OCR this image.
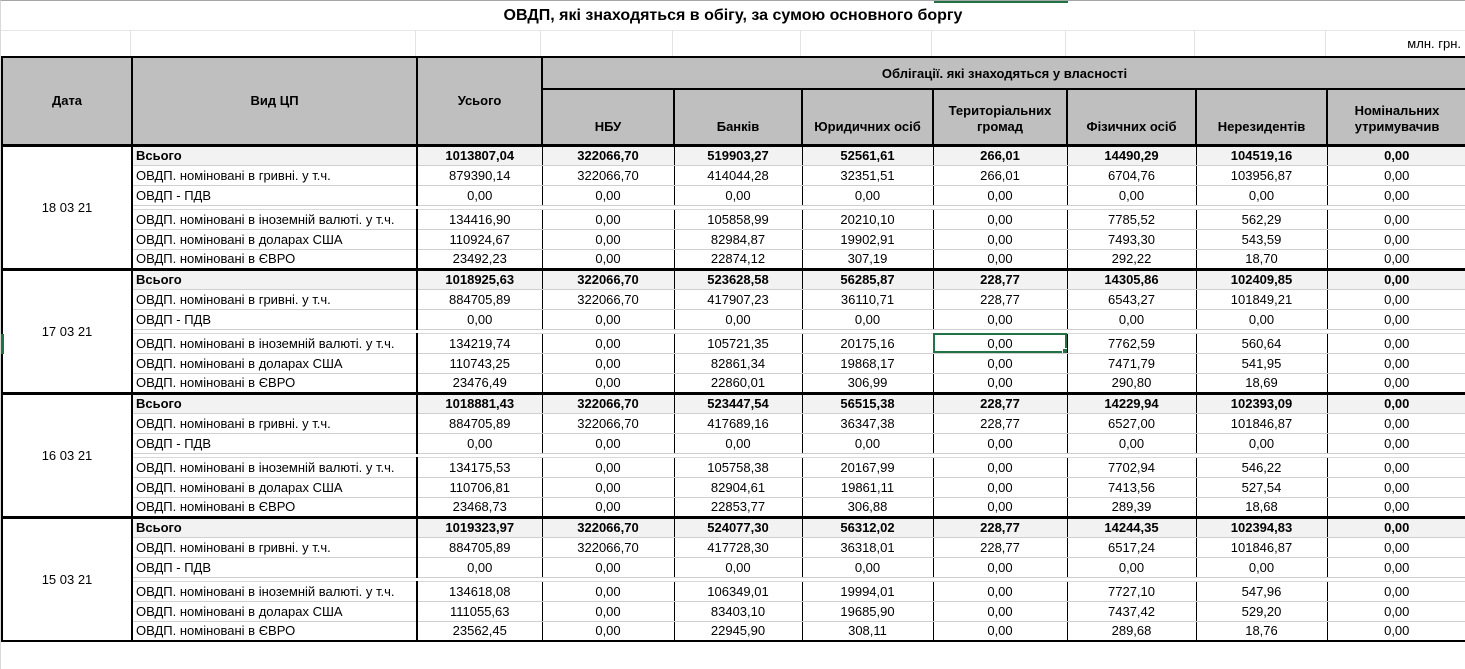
ОВДП, які знаходяться в обігу, за сумою основного боргу
млн. грн.
Дата	Вид ЦП	Усього	Облігації. які знаходяться у власності						
			НБУ	Банків	Юридичних осіб	Територіальних громад	Фізичних осіб	Нерезидентів	Номінальних утримувачив
18 03 21	Всього	1013807,04	322066,70	519903,27	52561,61	266,01	14490,29	104519,16	0,00
	ОВДП. номіновані в гривні. у т.ч.	879390,14	322066,70	414044,28	32351,51	266,01	6704,76	103956,87	0,00
	ОВДП - ПДВ	0,00	0,00	0,00	0,00	0,00	0,00	0,00	0,00

	ОВДП. номіновані в іноземній валюті. у т.ч.	134416,90	0,00	105858,99	20210,10	0,00	7785,52	562,29	0,00
	ОВДП. номіновані в доларах США	110924,67	0,00	82984,87	19902,91	0,00	7493,30	543,59	0,00
	ОВДП. номіновані в ЄВРО	23492,23	0,00	22874,12	307,19	0,00	292,22	18,70	0,00
17 03 21	Всього	1018925,63	322066,70	523628,58	56285,87	228,77	14305,86	102409,85	0,00
	ОВДП. номіновані в гривні. у т.ч.	884705,89	322066,70	417907,23	36110,71	228,77	6543,27	101849,21	0,00
	ОВДП - ПДВ	0,00	0,00	0,00	0,00	0,00	0,00	0,00	0,00

	ОВДП. номіновані в іноземній валюті. у т.ч.	134219,74	0,00	105721,35	20175,16	0,00	7762,59	560,64	0,00
	ОВДП. номіновані в доларах США	110743,25	0,00	82861,34	19868,17	0,00	7471,79	541,95	0,00
	ОВДП. номіновані в ЄВРО	23476,49	0,00	22860,01	306,99	0,00	290,80	18,69	0,00
16 03 21	Всього	1018881,43	322066,70	523447,54	56515,38	228,77	14229,94	102393,09	0,00
	ОВДП. номіновані в гривні. у т.ч.	884705,89	322066,70	417689,16	36347,38	228,77	6527,00	101846,87	0,00
	ОВДП - ПДВ	0,00	0,00	0,00	0,00	0,00	0,00	0,00	0,00

	ОВДП. номіновані в іноземній валюті. у т.ч.	134175,53	0,00	105758,38	20167,99	0,00	7702,94	546,22	0,00
	ОВДП. номіновані в доларах США	110706,81	0,00	82904,61	19861,11	0,00	7413,56	527,54	0,00
	ОВДП. номіновані в ЄВРО	23468,73	0,00	22853,77	306,88	0,00	289,39	18,68	0,00
15 03 21	Всього	1019323,97	322066,70	524077,30	56312,02	228,77	14244,35	102394,83	0,00
	ОВДП. номіновані в гривні. у т.ч.	884705,89	322066,70	417728,30	36318,01	228,77	6517,24	101846,87	0,00
	ОВДП - ПДВ	0,00	0,00	0,00	0,00	0,00	0,00	0,00	0,00

	ОВДП. номіновані в іноземній валюті. у т.ч.	134618,08	0,00	106349,01	19994,01	0,00	7727,10	547,96	0,00
	ОВДП. номіновані в доларах США	111055,63	0,00	83403,10	19685,90	0,00	7437,42	529,20	0,00
	ОВДП. номіновані в ЄВРО	23562,45	0,00	22945,90	308,11	0,00	289,68	18,76	0,00
